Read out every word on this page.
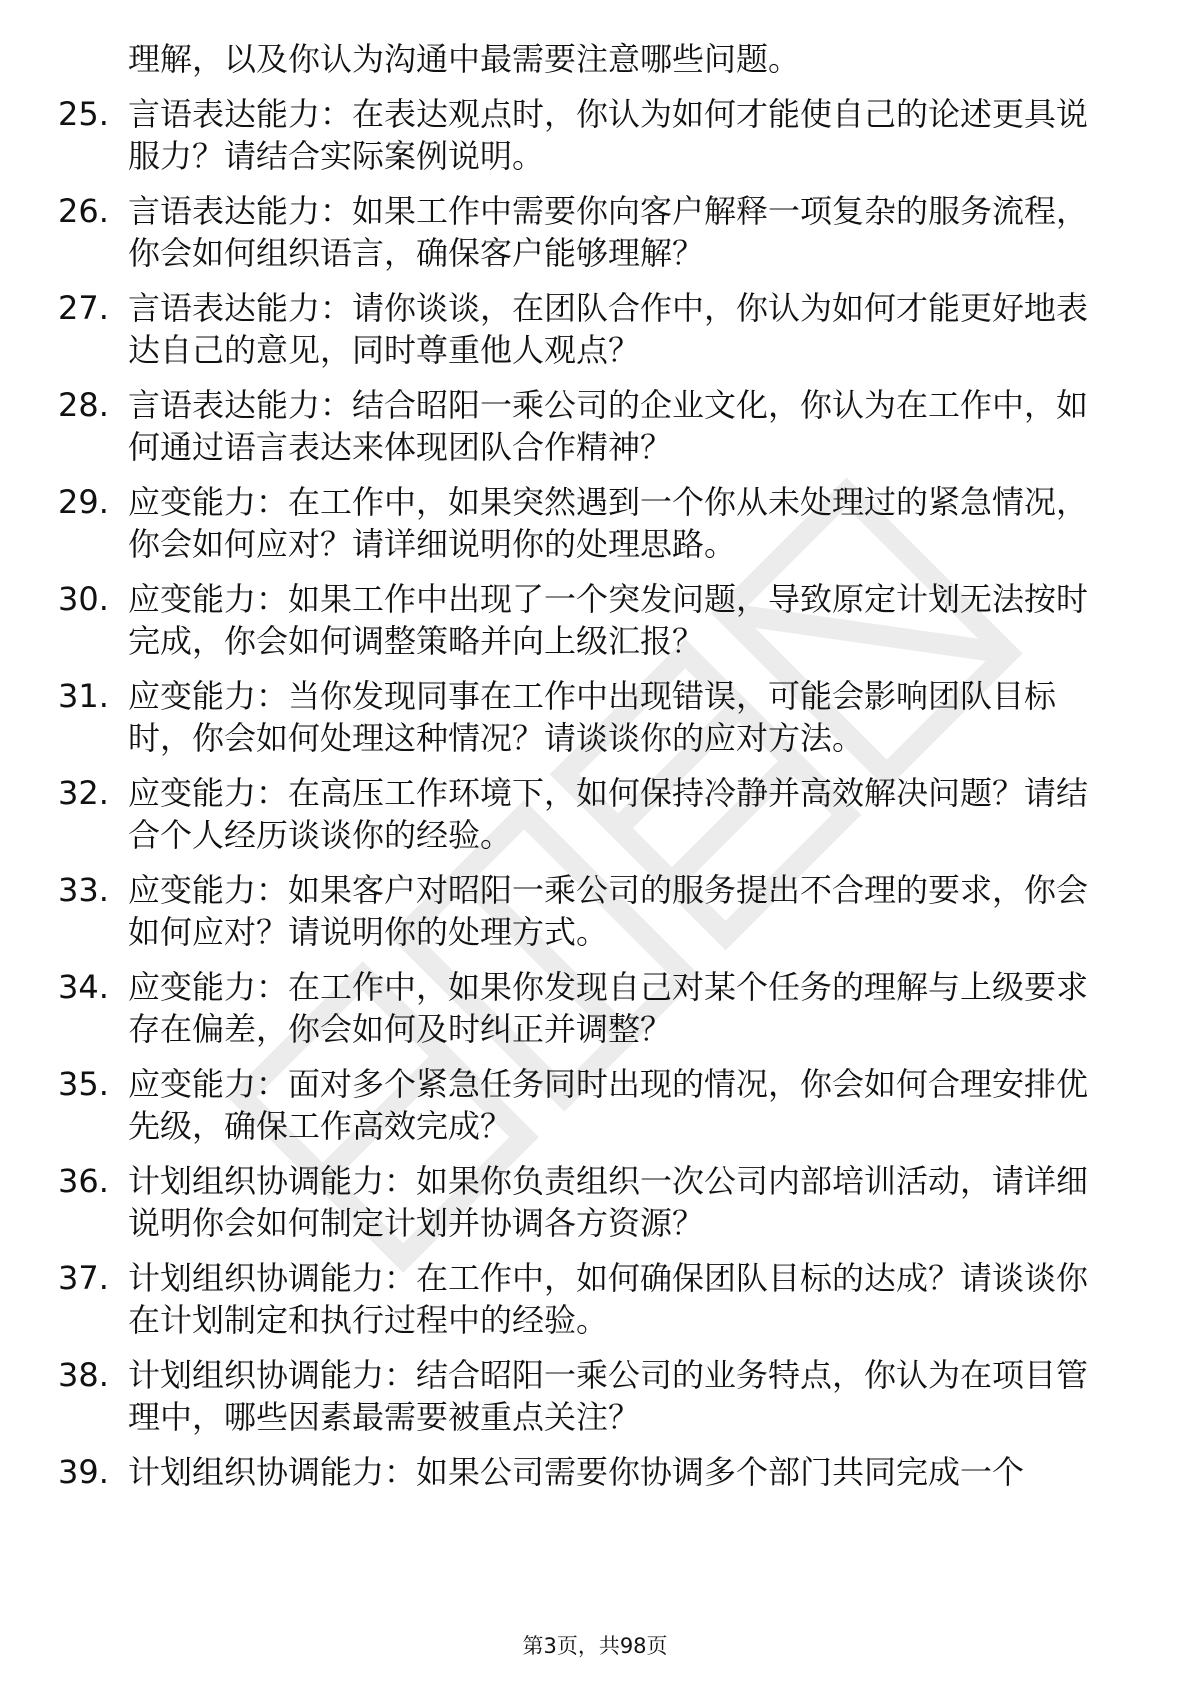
理解，以及你认为沟通中最需要注意哪些问题。
25. 言语表达能力：在表达观点时，你认为如何才能使自己的论述更具说服力？请结合实际案例说明。
26. 言语表达能力：如果工作中需要你向客户解释一项复杂的服务流程，你会如何组织语言，确保客户能够理解？
27. 言语表达能力：请你谈谈，在团队合作中，你认为如何才能更好地表达自己的意见，同时尊重他人观点？
28. 言语表达能力：结合昭阳一乘公司的企业文化，你认为在工作中，如何通过语言表达来体现团队合作精神？
29. 应变能力：在工作中，如果突然遇到一个你从未处理过的紧急情况，你会如何应对？请详细说明你的处理思路。
30. 应变能力：如果工作中出现了一个突发问题，导致原定计划无法按时完成，你会如何调整策略并向上级汇报？
31. 应变能力：当你发现同事在工作中出现错误，可能会影响团队目标时，你会如何处理这种情况？请谈谈你的应对方法。
32. 应变能力：在高压工作环境下，如何保持冷静并高效解决问题？请结合个人经历谈谈你的经验。
33. 应变能力：如果客户对昭阳一乘公司的服务提出不合理的要求，你会如何应对？请说明你的处理方式。
34. 应变能力：在工作中，如果你发现自己对某个任务的理解与上级要求存在偏差，你会如何及时纠正并调整？
35. 应变能力：面对多个紧急任务同时出现的情况，你会如何合理安排优先级，确保工作高效完成？
36. 计划组织协调能力：如果你负责组织一次公司内部培训活动，请详细说明你会如何制定计划并协调各方资源？
37. 计划组织协调能力：在工作中，如何确保团队目标的达成？请谈谈你在计划制定和执行过程中的经验。
38. 计划组织协调能力：结合昭阳一乘公司的业务特点，你认为在项目管理中，哪些因素最需要被重点关注？
39. 计划组织协调能力：如果公司需要你协调多个部门共同完成一个
第3页，共98页
